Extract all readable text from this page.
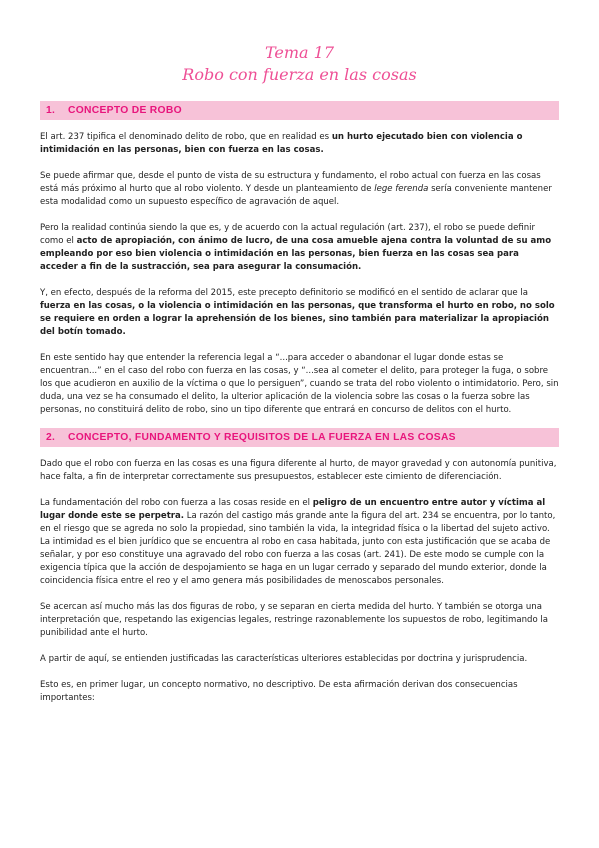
Tema 17
Robo con fuerza en las cosas
1. CONCEPTO DE ROBO

El art. 237 tipifica el denominado delito de robo, que en realidad es un hurto ejecutado bien con violencia o intimidación en las personas, bien con fuerza en las cosas.

Se puede afirmar que, desde el punto de vista de su estructura y fundamento, el robo actual con fuerza en las cosas está más próximo al hurto que al robo violento. Y desde un planteamiento de lege ferenda sería conveniente mantener esta modalidad como un supuesto específico de agravación de aquel.

Pero la realidad continúa siendo la que es, y de acuerdo con la actual regulación (art. 237), el robo se puede definir como el acto de apropiación, con ánimo de lucro, de una cosa amueble ajena contra la voluntad de su amo empleando por eso bien violencia o intimidación en las personas, bien fuerza en las cosas sea para acceder a fin de la sustracción, sea para asegurar la consumación.

Y, en efecto, después de la reforma del 2015, este precepto definitorio se modificó en el sentido de aclarar que la fuerza en las cosas, o la violencia o intimidación en las personas, que transforma el hurto en robo, no solo se requiere en orden a lograr la aprehensión de los bienes, sino también para materializar la apropiación del botín tomado.

En este sentido hay que entender la referencia legal a “...para acceder o abandonar el lugar donde estas se encuentran...” en el caso del robo con fuerza en las cosas, y “...sea al cometer el delito, para proteger la fuga, o sobre los que acudieron en auxilio de la víctima o que lo persiguen”, cuando se trata del robo violento o intimidatorio. Pero, sin duda, una vez se ha consumado el delito, la ulterior aplicación de la violencia sobre las cosas o la fuerza sobre las personas, no constituirá delito de robo, sino un tipo diferente que entrará en concurso de delitos con el hurto.

2. CONCEPTO, FUNDAMENTO Y REQUISITOS DE LA FUERZA EN LAS COSAS

Dado que el robo con fuerza en las cosas es una figura diferente al hurto, de mayor gravedad y con autonomía punitiva, hace falta, a fin de interpretar correctamente sus presupuestos, establecer este cimiento de diferenciación.

La fundamentación del robo con fuerza a las cosas reside en el peligro de un encuentro entre autor y víctima al lugar donde este se perpetra. La razón del castigo más grande ante la figura del art. 234 se encuentra, por lo tanto, en el riesgo que se agreda no solo la propiedad, sino también la vida, la integridad física o la libertad del sujeto activo. La intimidad es el bien jurídico que se encuentra al robo en casa habitada, junto con esta justificación que se acaba de señalar, y por eso constituye una agravado del robo con fuerza a las cosas (art. 241). De este modo se cumple con la exigencia típica que la acción de despojamiento se haga en un lugar cerrado y separado del mundo exterior, donde la coincidencia física entre el reo y el amo genera más posibilidades de menoscabos personales.

Se acercan así mucho más las dos figuras de robo, y se separan en cierta medida del hurto. Y también se otorga una interpretación que, respetando las exigencias legales, restringe razonablemente los supuestos de robo, legitimando la punibilidad ante el hurto.

A partir de aquí, se entienden justificadas las características ulteriores establecidas por doctrina y jurisprudencia.

Esto es, en primer lugar, un concepto normativo, no descriptivo. De esta afirmación derivan dos consecuencias importantes:
